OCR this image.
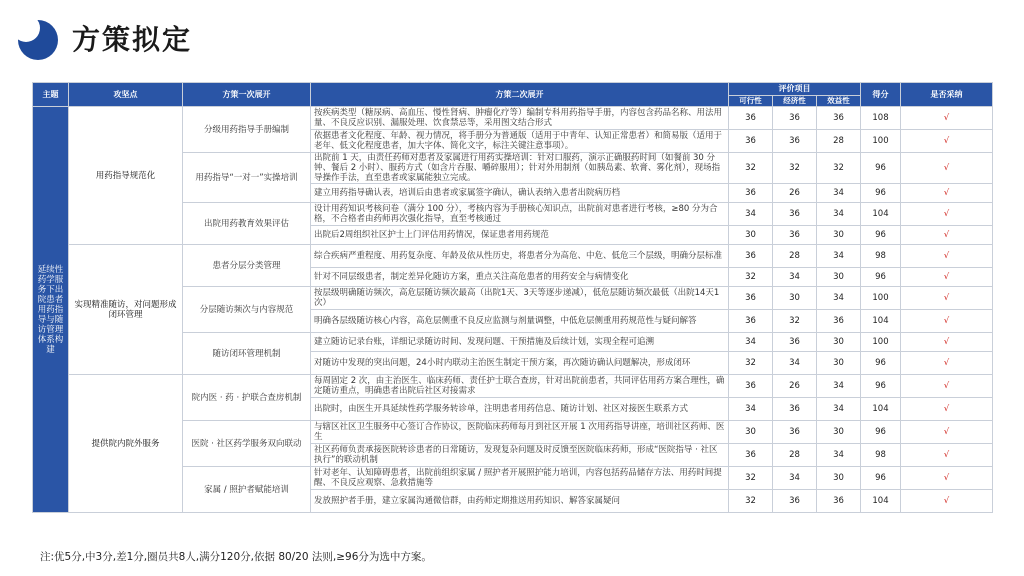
方策拟定
主题	攻坚点	方策一次展开	方策二次展开	评价项目			得分	是否采纳
				可行性	经济性	效益性		
延续性药学服务下出院患者用药指导与随访管理体系构建	用药指导规范化	分级用药指导手册编制	按疾病类型（糖尿病、高血压、慢性肾病、肿瘤化疗等）编制专科用药指导手册，内容包含药品名称、用法用量、不良反应识别、漏服处理、饮食禁忌等，采用图文结合形式	36	36	36	108	√
			依据患者文化程度、年龄、视力情况，将手册分为普通版（适用于中青年、认知正常患者）和简易版（适用于老年、低文化程度患者，加大字体、简化文字，标注关键注意事项）。	36	36	28	100	√
		用药指导“一对一”实操培训	出院前 1 天，由责任药师对患者及家属进行用药实操培训：针对口服药，演示正确服药时间（如餐前 30 分钟、餐后 2 小时）、服药方式（如含片吞服、嚼碎服用）；针对外用制剂（如胰岛素、软膏、雾化剂），现场指导操作手法，直至患者或家属能独立完成。	32	32	32	96	√
			建立用药指导确认表，培训后由患者或家属签字确认，确认表纳入患者出院病历档	36	26	34	96	√
		出院用药教育效果评估	设计用药知识考核问卷（满分 100 分），考核内容为手册核心知识点，出院前对患者进行考核，≥80 分为合格，不合格者由药师再次强化指导，直至考核通过	34	36	34	104	√
			出院后2周组织社区护士上门评估用药情况，保证患者用药规范	30	36	30	96	√
	实现精准随访，对问题形成闭环管理	患者分层分类管理	综合疾病严重程度、用药复杂度、年龄及依从性历史，将患者分为高危、中危、低危三个层级，明确分层标准	36	28	34	98	√
			针对不同层级患者，制定差异化随访方案，重点关注高危患者的用药安全与病情变化	32	34	30	96	√
		分层随访频次与内容规范	按层级明确随访频次，高危层随访频次最高（出院1天、3天等逐步递减），低危层随访频次最低（出院14天1次）	36	30	34	100	√
			明确各层级随访核心内容，高危层侧重不良反应监测与剂量调整，中低危层侧重用药规范性与疑问解答	36	32	36	104	√
		随访闭环管理机制	建立随访记录台账，详细记录随访时间、发现问题、干预措施及后续计划，实现全程可追溯	34	36	30	100	√
			对随访中发现的突出问题，24小时内联动主治医生制定干预方案，再次随访确认问题解决，形成闭环	32	34	30	96	√
	提供院内院外服务	院内医 · 药 · 护联合查房机制	每周固定 2 次，由主治医生、临床药师、责任护士联合查房，针对出院前患者，共同评估用药方案合理性，确定随访重点，明确患者出院后社区对接需求	36	26	34	96	√
			出院时，由医生开具延续性药学服务转诊单，注明患者用药信息、随访计划、社区对接医生联系方式	34	36	34	104	√
		医院 · 社区药学服务双向联动	与辖区社区卫生服务中心签订合作协议，医院临床药师每月到社区开展 1 次用药指导讲座，培训社区药师、医生	30	36	30	96	√
			社区药师负责承接医院转诊患者的日常随访，发现复杂问题及时反馈至医院临床药师，形成“医院指导 · 社区执行”的联动机制	36	28	34	98	√
		家属 / 照护者赋能培训	针对老年、认知障碍患者，出院前组织家属 / 照护者开展照护能力培训，内容包括药品储存方法、用药时间提醒、不良反应观察、急救措施等	32	34	30	96	√
			发放照护者手册，建立家属沟通微信群，由药师定期推送用药知识、解答家属疑问	32	36	36	104	√
注:优5分,中3分,差1分,圈员共8人,满分120分,依据 80/20 法则,≥96分为选中方案。
